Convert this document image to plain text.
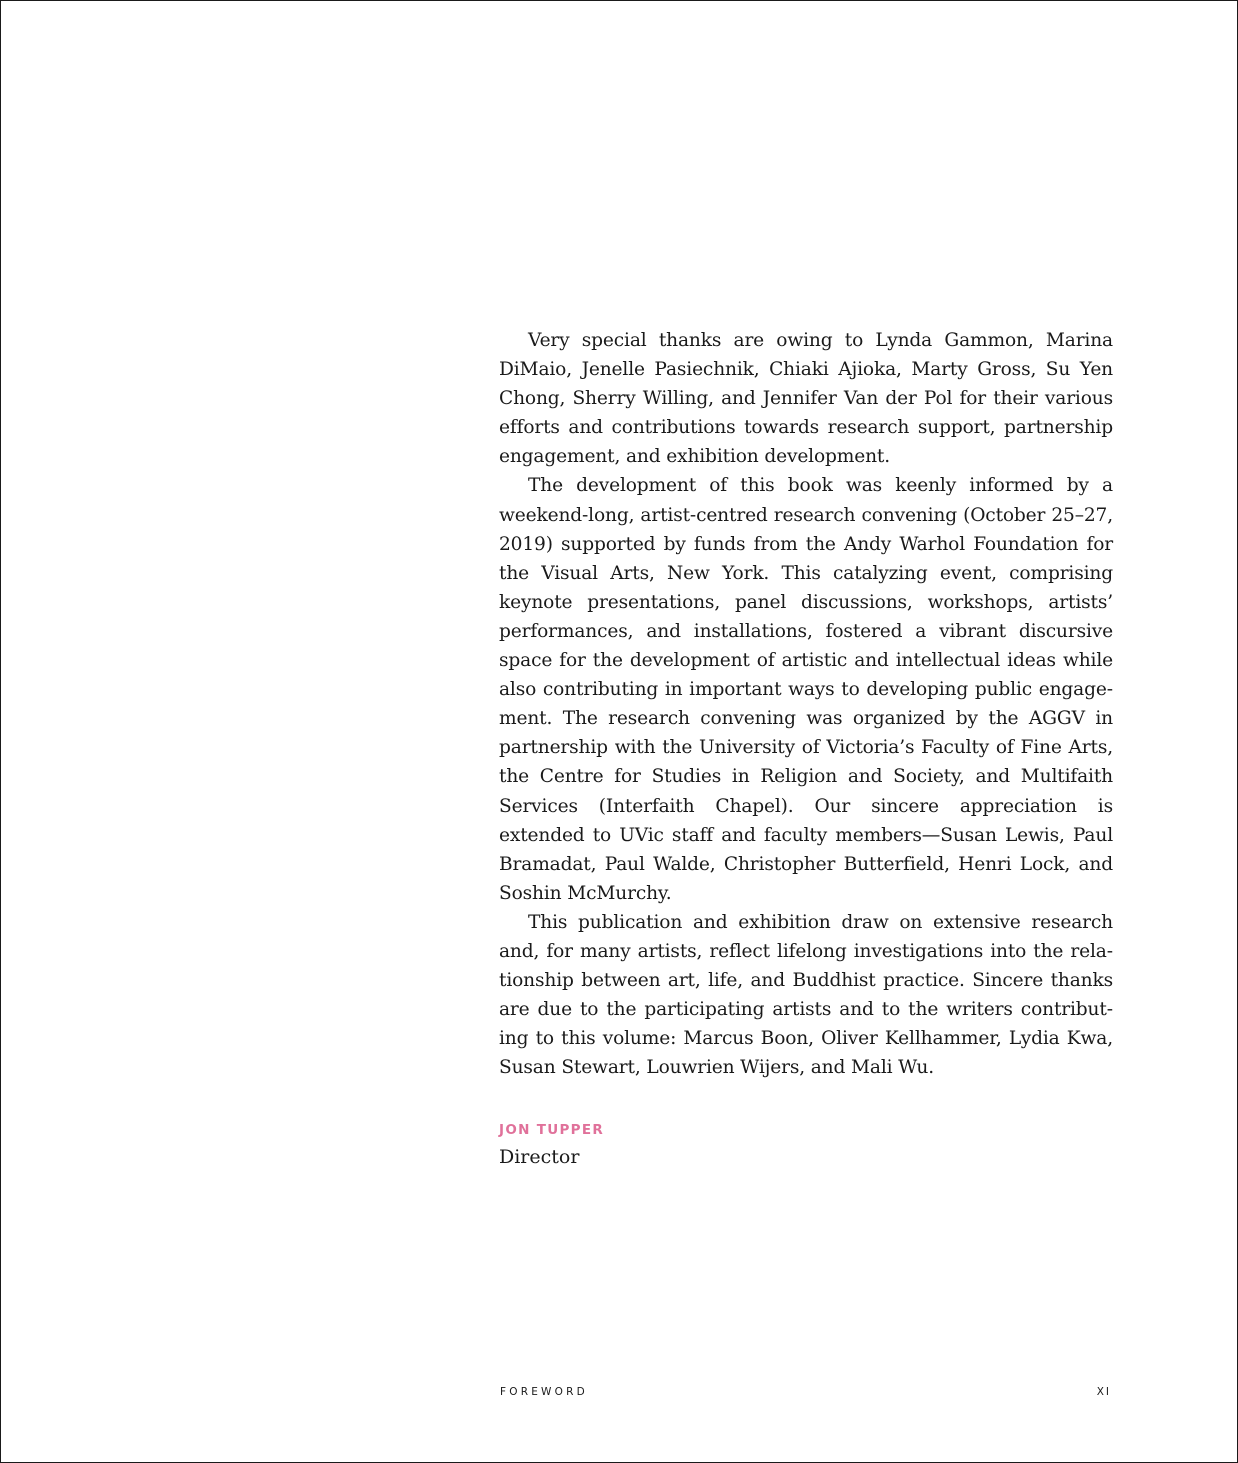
Very special thanks are owing to Lynda Gammon, Marina DiMaio, Jenelle Pasiechnik, Chiaki Ajioka, Marty Gross, Su Yen Chong, Sherry Willing, and Jennifer Van der Pol for their various efforts and contributions towards research support, partnership engagement, and exhibition development.

The development of this book was keenly informed by a weekend-long, artist-centred research convening (October 25–27, 2019) supported by funds from the Andy Warhol Foundation for the Visual Arts, New York. This catalyzing event, comprising keynote presentations, panel discussions, workshops, artists’ performances, and installations, fostered a vibrant discursive space for the development of artistic and intellectual ideas while also contributing in important ways to developing public engagement. The research convening was organized by the AGGV in partnership with the University of Victoria’s Faculty of Fine Arts, the Centre for Studies in Religion and Society, and Multifaith Services (Interfaith Chapel). Our sincere appreciation is extended to UVic staff and faculty members—Susan Lewis, Paul Bramadat, Paul Walde, Christopher Butterfield, Henri Lock, and Soshin McMurchy.

This publication and exhibition draw on extensive research and, for many artists, reflect lifelong investigations into the relationship between art, life, and Buddhist practice. Sincere thanks are due to the participating artists and to the writers contributing to this volume: Marcus Boon, Oliver Kellhammer, Lydia Kwa, Susan Stewart, Louwrien Wijers, and Mali Wu.

JON TUPPER
Director
FOREWORD	XI
